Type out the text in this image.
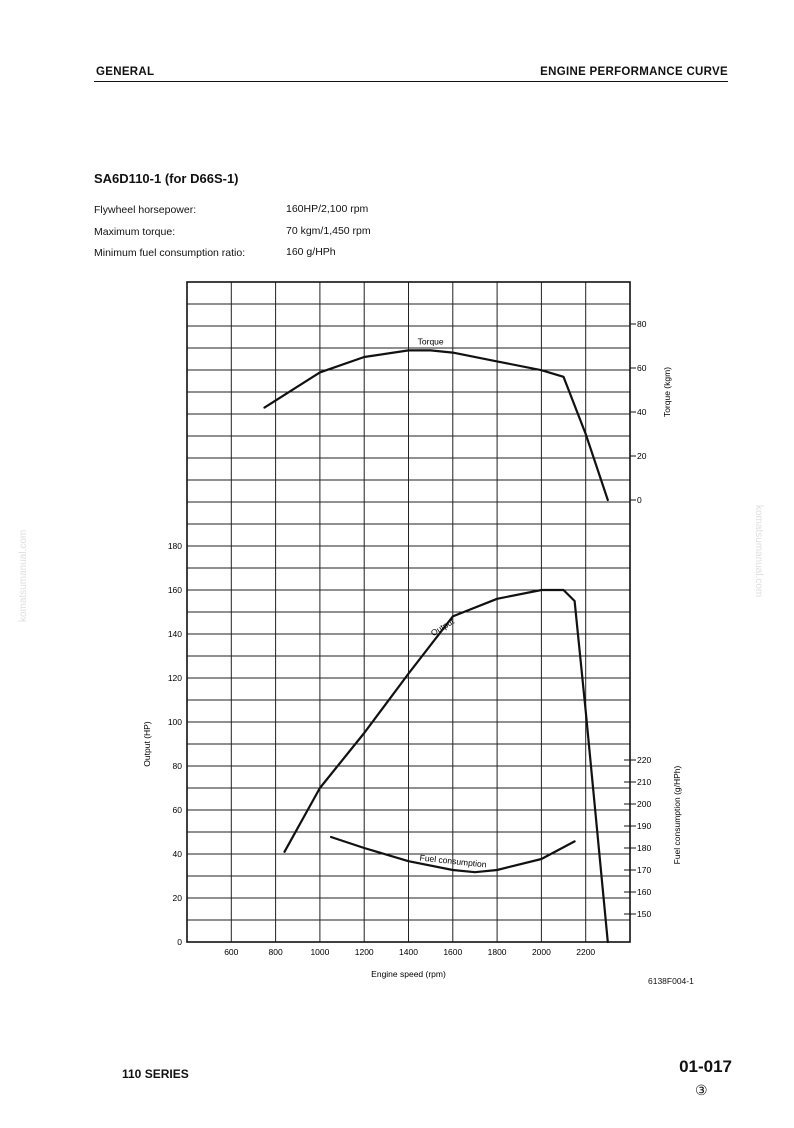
GENERAL	ENGINE PERFORMANCE CURVE
SA6D110-1 (for D66S-1)
Flywheel horsepower:	160HP/2,100 rpm
Maximum torque:	70 kgm/1,450 rpm
Minimum fuel consumption ratio:	160 g/HPh
komatsumanual.com	komatsumanual.com
600	800	1000	1200	1400	1600	1800	2000	2200
Engine speed (rpm)
0
20
40
60
80
100
120
140
160
180
Output (HP)
0
20
40
60
80
Torque (kgm)
150
160
170
180
190
200
210
220
Fuel consumption (g/HPh)
Torque
Output
Fuel consumption
6138F004-1
110 SERIES	01-017
③
